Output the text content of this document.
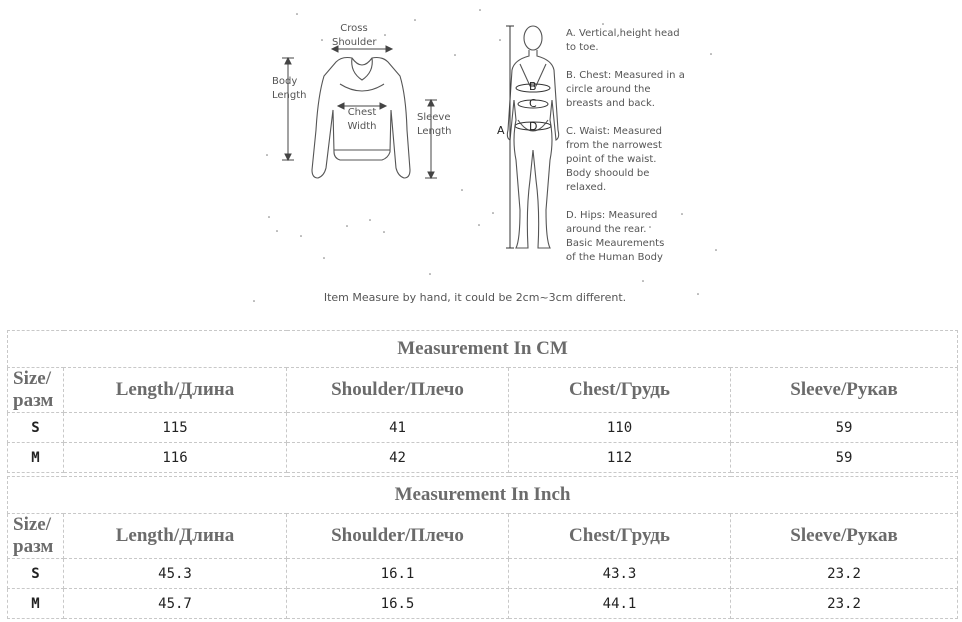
Cross
Shoulder
Body
Length
Chest
Width
Sleeve
Length	A
B
C
D
A. Vertical,height head
to toe.
B. Chest: Measured in a
circle around the
breasts and back.
C. Waist: Measured
from the narrowest
point of the waist.
Body shoould be
relaxed.
D. Hips: Measured
around the rear.
Basic Meaurements
of the Human Body
Item Measure by hand, it could be 2cm~3cm different.
Measurement In CM				
Size/
разм	Length/Длина	Shoulder/Плечо	Chest/Грудь	Sleeve/Рукав
S	115	41	110	59
M	116	42	112	59
Measurement In Inch				
Size/
разм	Length/Длина	Shoulder/Плечо	Chest/Грудь	Sleeve/Рукав
S	45.3	16.1	43.3	23.2
M	45.7	16.5	44.1	23.2
